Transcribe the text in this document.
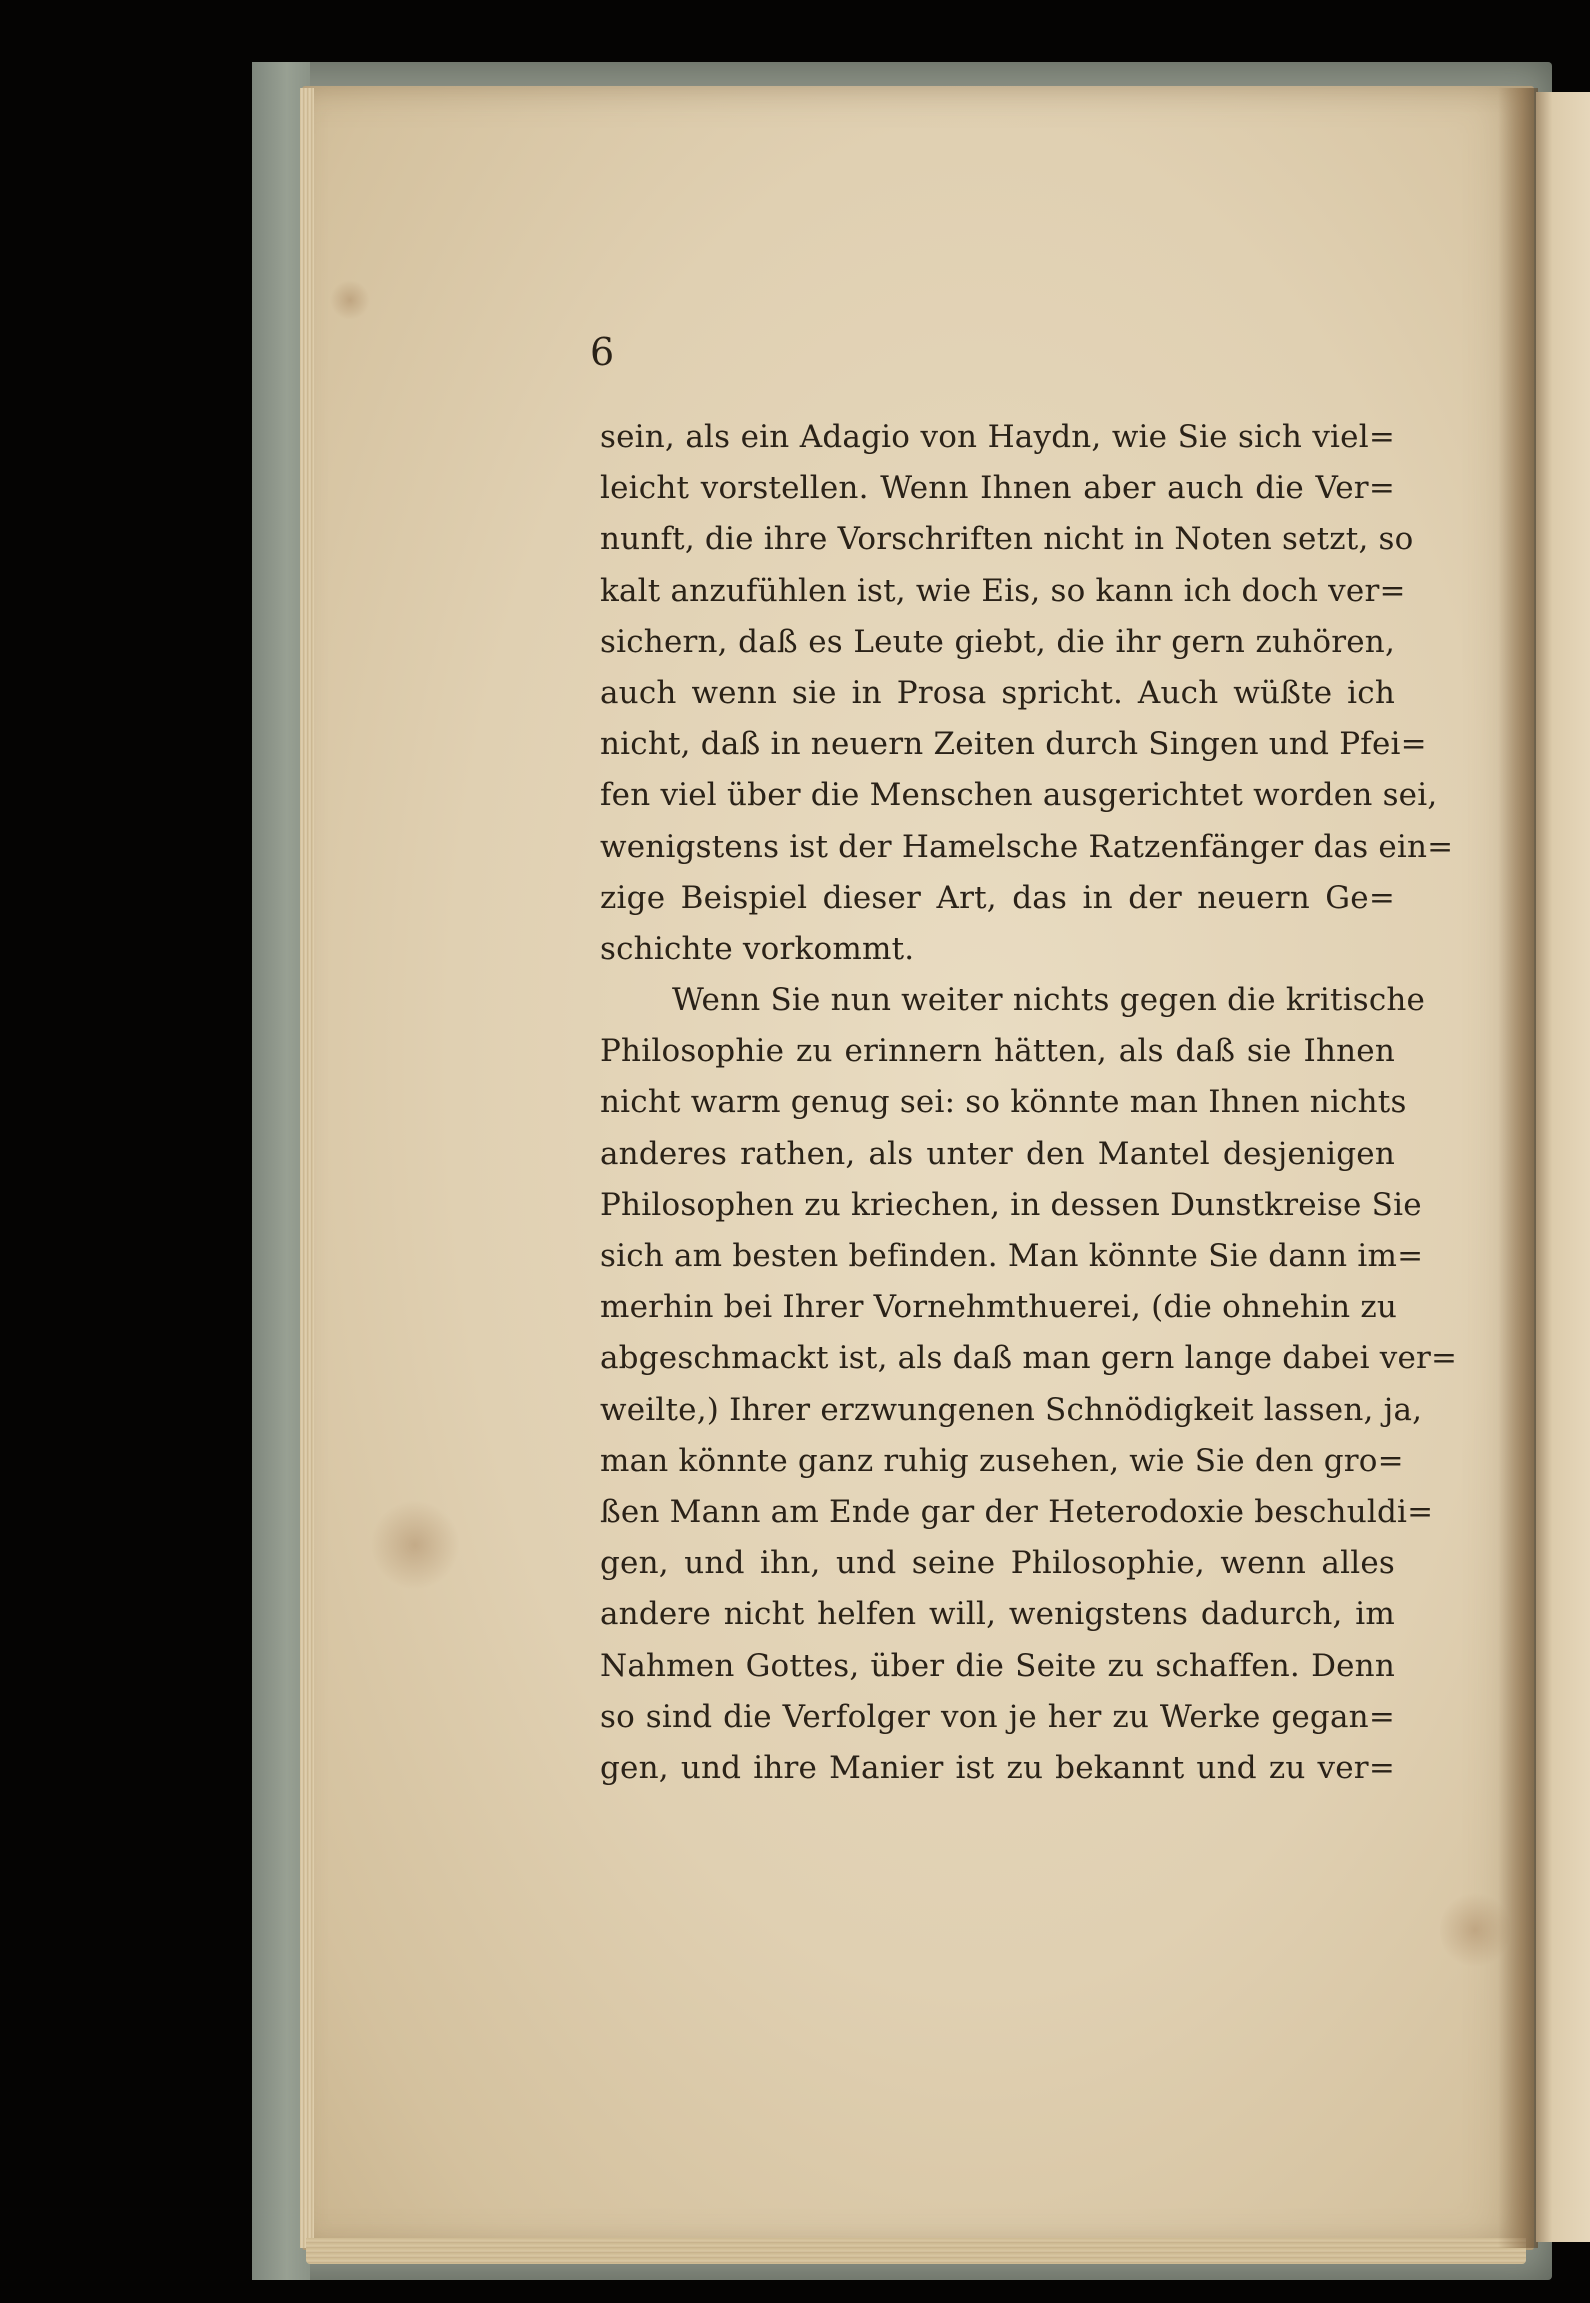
6
sein, als ein Adagio von Haydn, wie Sie sich viel=
leicht vorstellen. Wenn Ihnen aber auch die Ver=
nunft, die ihre Vorschriften nicht in Noten setzt, so
kalt anzufühlen ist, wie Eis, so kann ich doch ver=
sichern, daß es Leute giebt, die ihr gern zuhören,
auch wenn sie in Prosa spricht. Auch wüßte ich
nicht, daß in neuern Zeiten durch Singen und Pfei=
fen viel über die Menschen ausgerichtet worden sei,
wenigstens ist der Hamelsche Ratzenfänger das ein=
zige Beispiel dieser Art, das in der neuern Ge=
schichte vorkommt.
Wenn Sie nun weiter nichts gegen die kritische
Philosophie zu erinnern hätten, als daß sie Ihnen
nicht warm genug sei: so könnte man Ihnen nichts
anderes rathen, als unter den Mantel desjenigen
Philosophen zu kriechen, in dessen Dunstkreise Sie
sich am besten befinden. Man könnte Sie dann im=
merhin bei Ihrer Vornehmthuerei, (die ohnehin zu
abgeschmackt ist, als daß man gern lange dabei ver=
weilte,) Ihrer erzwungenen Schnödigkeit lassen, ja,
man könnte ganz ruhig zusehen, wie Sie den gro=
ßen Mann am Ende gar der Heterodoxie beschuldi=
gen, und ihn, und seine Philosophie, wenn alles
andere nicht helfen will, wenigstens dadurch, im
Nahmen Gottes, über die Seite zu schaffen. Denn
so sind die Verfolger von je her zu Werke gegan=
gen, und ihre Manier ist zu bekannt und zu ver=
